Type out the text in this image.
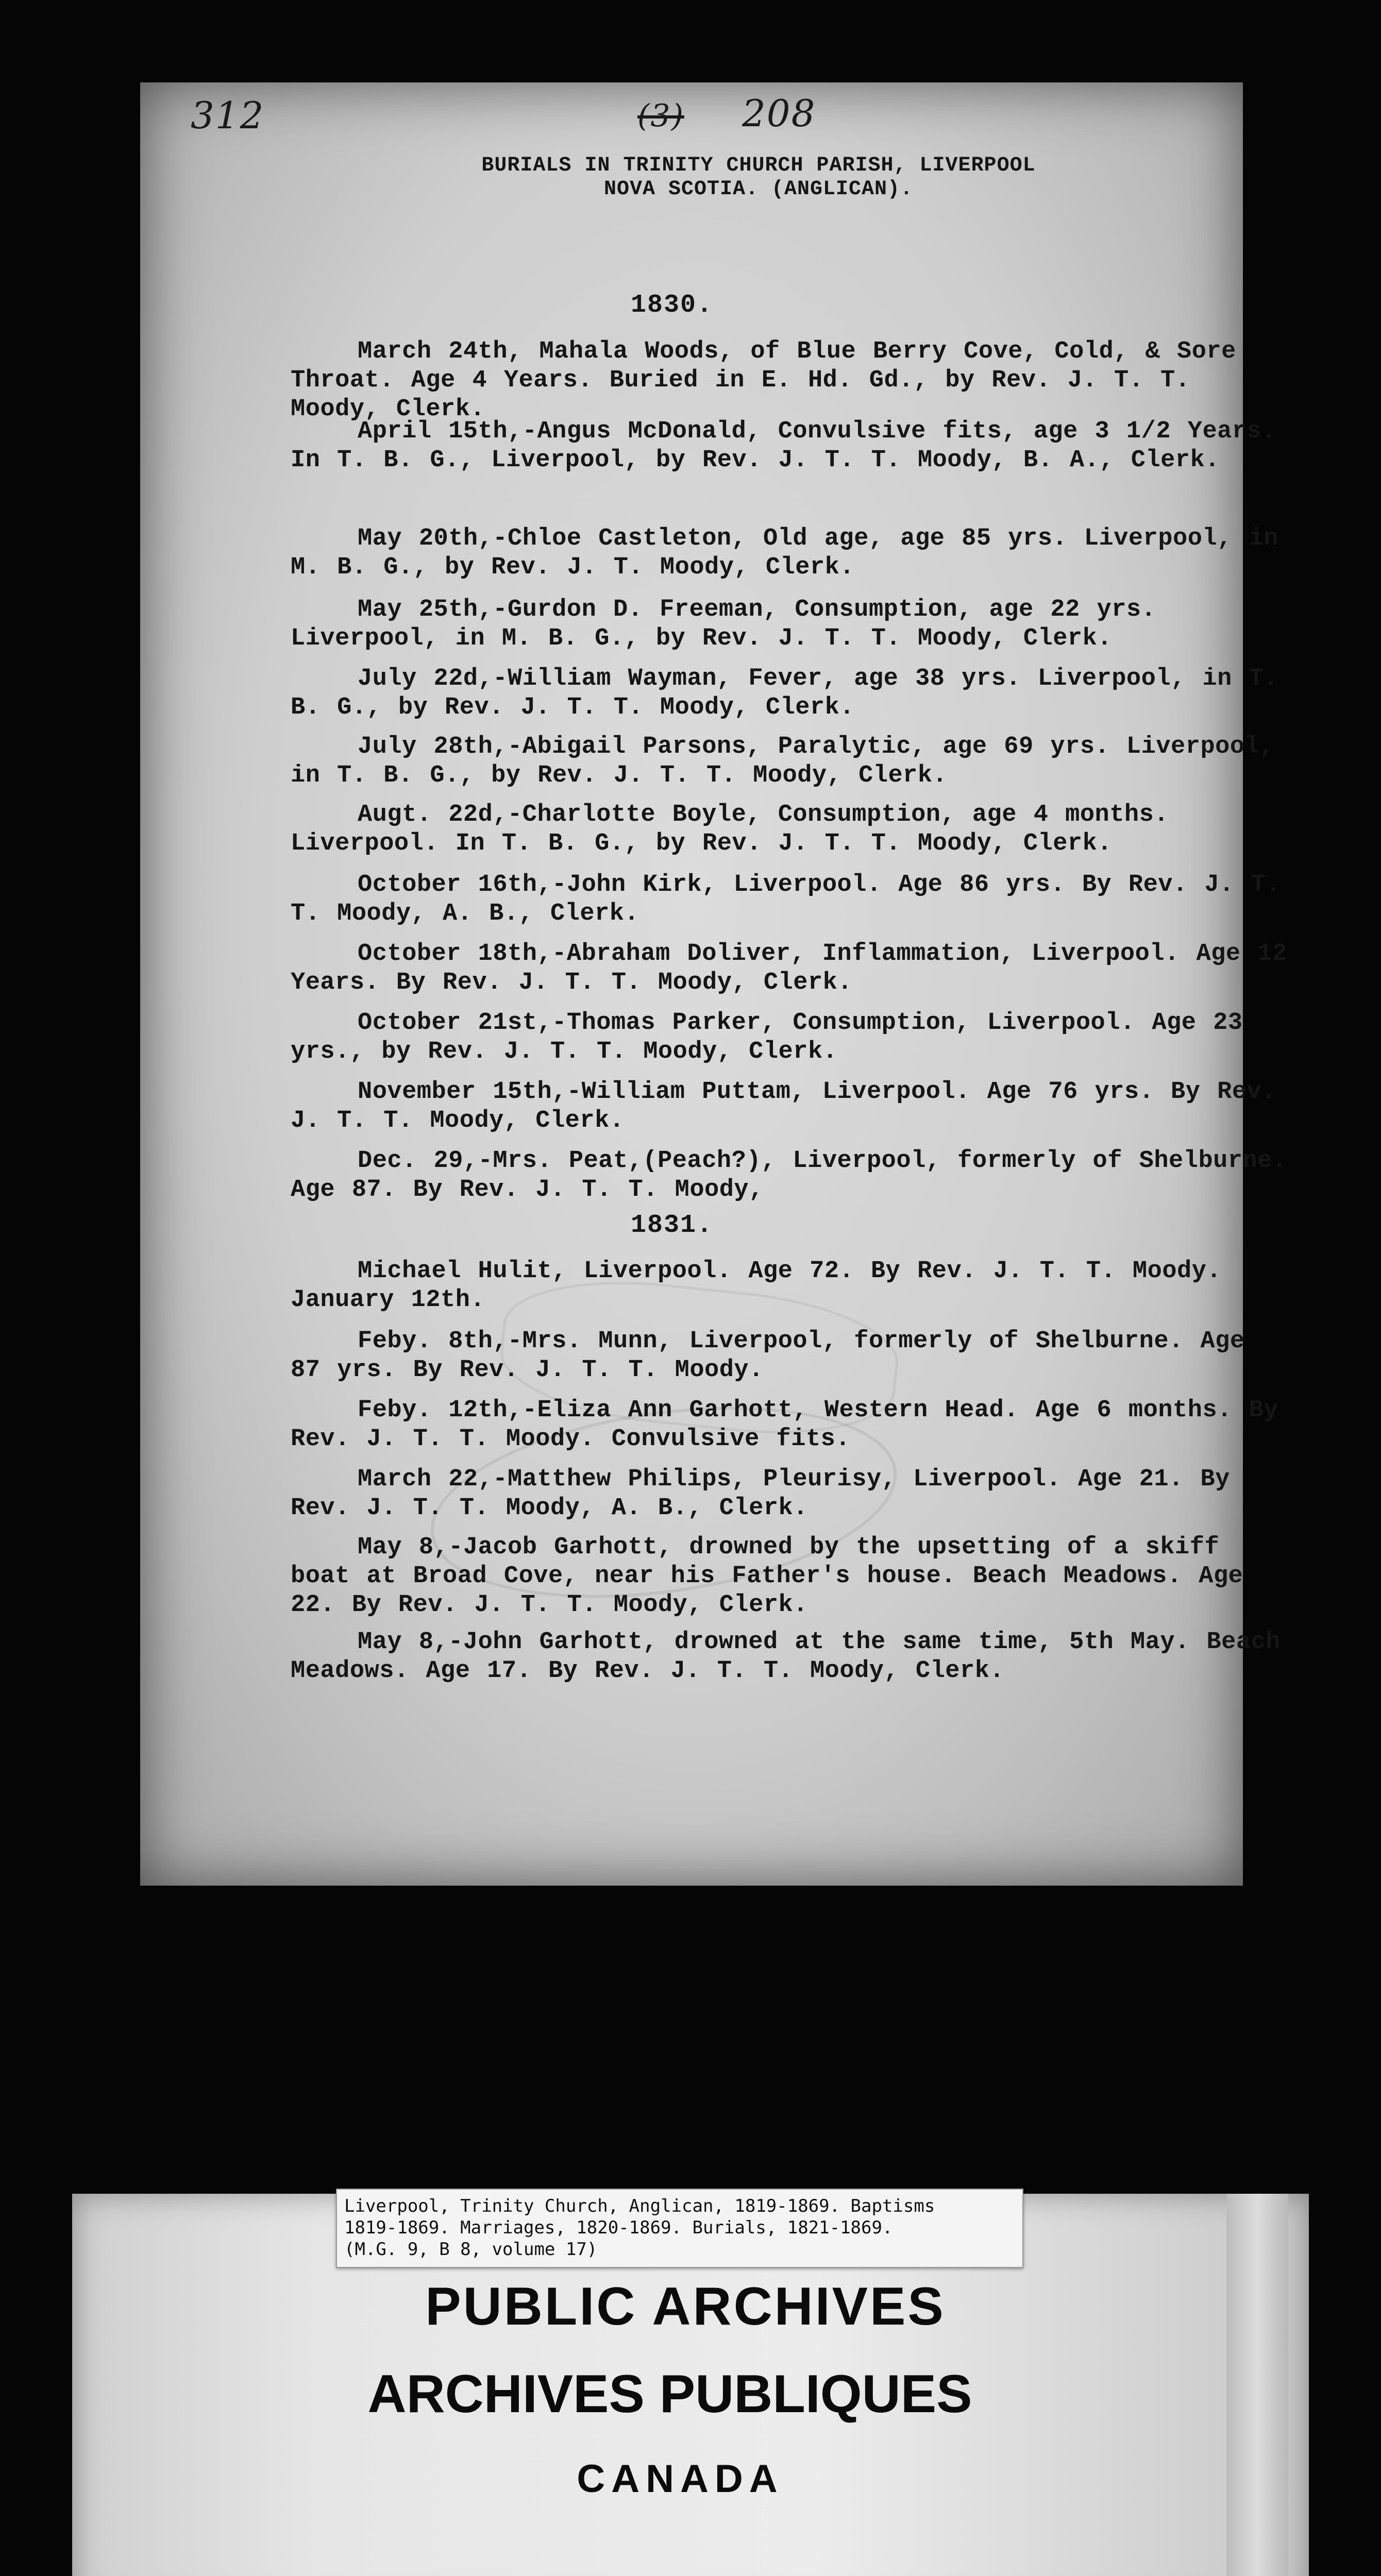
312	(3) 208
BURIALS IN TRINITY CHURCH PARISH, LIVERPOOL
NOVA SCOTIA. (ANGLICAN).
1830.
March 24th, Mahala Woods, of Blue Berry Cove, Cold, & Sore Throat. Age 4 Years. Buried in E. Hd. Gd., by Rev. J. T. T. Moody, Clerk.
April 15th,-Angus McDonald, Convulsive fits, age 3 1/2 Years. In T. B. G., Liverpool, by Rev. J. T. T. Moody, B. A., Clerk.
May 20th,-Chloe Castleton, Old age, age 85 yrs. Liverpool, in M. B. G., by Rev. J. T. Moody, Clerk.
May 25th,-Gurdon D. Freeman, Consumption, age 22 yrs. Liverpool, in M. B. G., by Rev. J. T. T. Moody, Clerk.
July 22d,-William Wayman, Fever, age 38 yrs. Liverpool, in T. B. G., by Rev. J. T. T. Moody, Clerk.
July 28th,-Abigail Parsons, Paralytic, age 69 yrs. Liverpool, in T. B. G., by Rev. J. T. T. Moody, Clerk.
Augt. 22d,-Charlotte Boyle, Consumption, age 4 months. Liverpool. In T. B. G., by Rev. J. T. T. Moody, Clerk.
October 16th,-John Kirk, Liverpool. Age 86 yrs. By Rev. J. T. T. Moody, A. B., Clerk.
October 18th,-Abraham Doliver, Inflammation, Liverpool. Age 12 Years. By Rev. J. T. T. Moody, Clerk.
October 21st,-Thomas Parker, Consumption, Liverpool. Age 23 yrs., by Rev. J. T. T. Moody, Clerk.
November 15th,-William Puttam, Liverpool. Age 76 yrs. By Rev. J. T. T. Moody, Clerk.
Dec. 29,-Mrs. Peat,(Peach?), Liverpool, formerly of Shelburne. Age 87. By Rev. J. T. T. Moody,
1831.
Michael Hulit, Liverpool. Age 72. By Rev. J. T. T. Moody. January 12th.
Feby. 8th,-Mrs. Munn, Liverpool, formerly of Shelburne. Age 87 yrs. By Rev. J. T. T. Moody.
Feby. 12th,-Eliza Ann Garhott, Western Head. Age 6 months. By Rev. J. T. T. Moody. Convulsive fits.
March 22,-Matthew Philips, Pleurisy, Liverpool. Age 21. By Rev. J. T. T. Moody, A. B., Clerk.
May 8,-Jacob Garhott, drowned by the upsetting of a skiff boat at Broad Cove, near his Father's house. Beach Meadows. Age 22. By Rev. J. T. T. Moody, Clerk.
May 8,-John Garhott, drowned at the same time, 5th May. Beach Meadows. Age 17. By Rev. J. T. T. Moody, Clerk.
Liverpool, Trinity Church, Anglican, 1819-1869. Baptisms
1819-1869. Marriages, 1820-1869. Burials, 1821-1869.
(M.G. 9, B 8, volume 17)
PUBLIC ARCHIVES
ARCHIVES PUBLIQUES
CANADA
